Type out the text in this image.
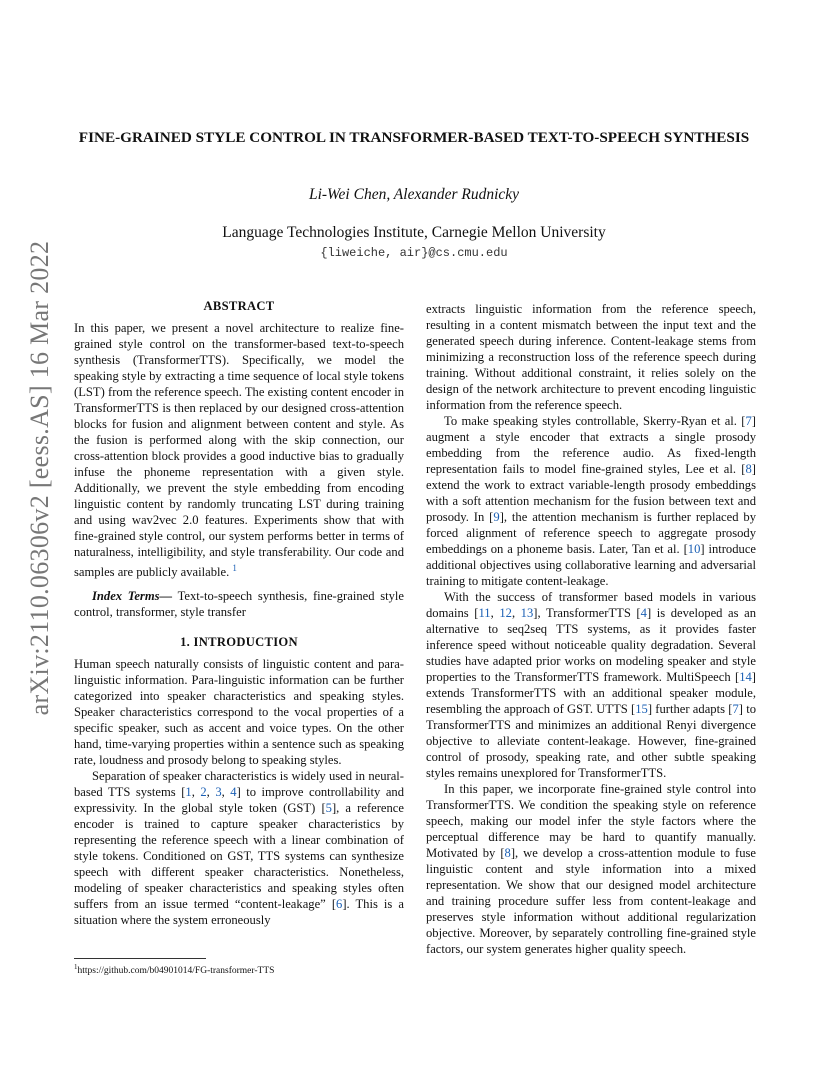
arXiv:2110.06306v2 [eess.AS] 16 Mar 2022
FINE-GRAINED STYLE CONTROL IN TRANSFORMER-BASED TEXT-TO-SPEECH SYNTHESIS

Li-Wei Chen, Alexander Rudnicky

Language Technologies Institute, Carnegie Mellon University

{liweiche, air}@cs.cmu.edu

ABSTRACT

In this paper, we present a novel architecture to realize fine-grained style control on the transformer-based text-to-speech synthesis (TransformerTTS). Specifically, we model the speaking style by extracting a time sequence of local style tokens (LST) from the reference speech. The existing content encoder in TransformerTTS is then replaced by our designed cross-attention blocks for fusion and alignment between content and style. As the fusion is performed along with the skip connection, our cross-attention block provides a good inductive bias to gradually infuse the phoneme representation with a given style. Additionally, we prevent the style embedding from encoding linguistic content by randomly truncating LST during training and using wav2vec 2.0 features. Experiments show that with fine-grained style control, our system performs better in terms of naturalness, intelligibility, and style transferability. Our code and samples are publicly available. $^1$

Index Terms— Text-to-speech synthesis, fine-grained style control, transformer, style transfer

1. INTRODUCTION

Human speech naturally consists of linguistic content and para-linguistic information. Para-linguistic information can be further categorized into speaker characteristics and speaking styles. Speaker characteristics correspond to the vocal properties of a specific speaker, such as accent and voice types. On the other hand, time-varying properties within a sentence such as speaking rate, loudness and prosody belong to speaking styles.

Separation of speaker characteristics is widely used in neural-based TTS systems [1, 2, 3, 4] to improve controllability and expressivity. In the global style token (GST) [5], a reference encoder is trained to capture speaker characteristics by representing the reference speech with a linear combination of style tokens. Conditioned on GST, TTS systems can synthesize speech with different speaker characteristics. Nonetheless, modeling of speaker characteristics and speaking styles often suffers from an issue termed “content-leakage” [6]. This is a situation where the system erroneously

extracts linguistic information from the reference speech, resulting in a content mismatch between the input text and the generated speech during inference. Content-leakage stems from minimizing a reconstruction loss of the reference speech during training. Without additional constraint, it relies solely on the design of the network architecture to prevent encoding linguistic information from the reference speech.

To make speaking styles controllable, Skerry-Ryan et al. [7] augment a style encoder that extracts a single prosody embedding from the reference audio. As fixed-length representation fails to model fine-grained styles, Lee et al. [8] extend the work to extract variable-length prosody embeddings with a soft attention mechanism for the fusion between text and prosody. In [9], the attention mechanism is further replaced by forced alignment of reference speech to aggregate prosody embeddings on a phoneme basis. Later, Tan et al. [10] introduce additional objectives using collaborative learning and adversarial training to mitigate content-leakage.

With the success of transformer based models in various domains [11, 12, 13], TransformerTTS [4] is developed as an alternative to seq2seq TTS systems, as it provides faster inference speed without noticeable quality degradation. Several studies have adapted prior works on modeling speaker and style properties to the TransformerTTS framework. MultiSpeech [14] extends TransformerTTS with an additional speaker module, resembling the approach of GST. UTTS [15] further adapts [7] to TransformerTTS and minimizes an additional Renyi divergence objective to alleviate content-leakage. However, fine-grained control of prosody, speaking rate, and other subtle speaking styles remains unexplored for TransformerTTS.

In this paper, we incorporate fine-grained style control into TransformerTTS. We condition the speaking style on reference speech, making our model infer the style factors where the perceptual difference may be hard to quantify manually. Motivated by [8], we develop a cross-attention module to fuse linguistic content and style information into a mixed representation. We show that our designed model architecture and training procedure suffer less from content-leakage and preserves style information without additional regularization objective. Moreover, by separately controlling fine-grained style factors, our system generates higher quality speech.

$^1$https://github.com/b04901014/FG-transformer-TTS
